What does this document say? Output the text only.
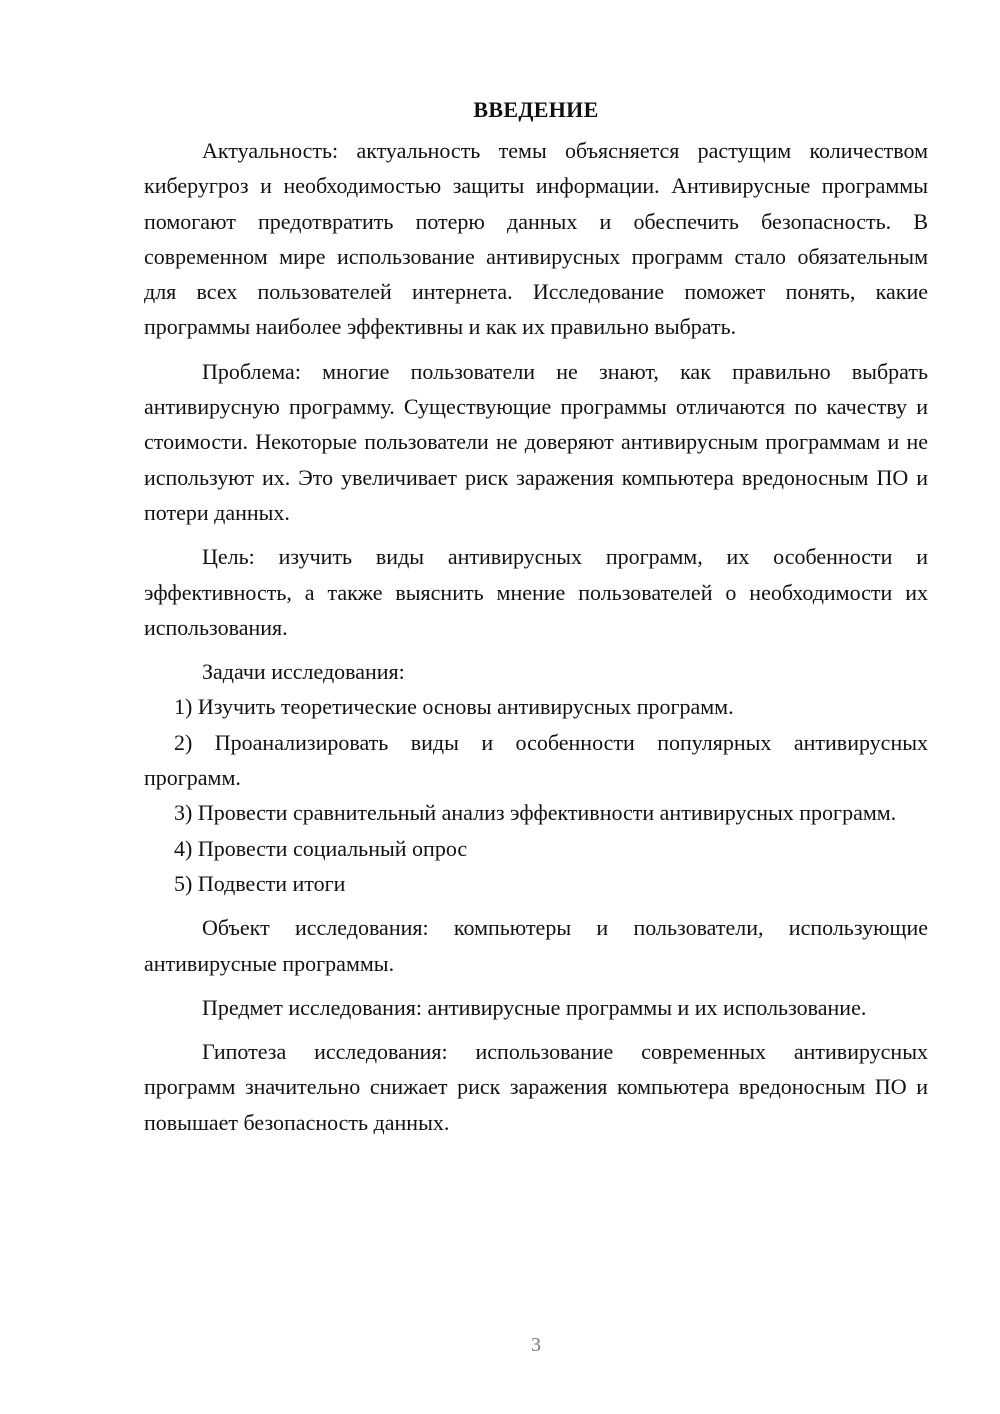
ВВЕДЕНИЕ

Актуальность: актуальность темы объясняется растущим количеством киберугроз и необходимостью защиты информации. Антивирусные программы помогают предотвратить потерю данных и обеспечить безопасность. В современном мире использование антивирусных программ стало обязательным для всех пользователей интернета. Исследование поможет понять, какие программы наиболее эффективны и как их правильно выбрать.

Проблема: многие пользователи не знают, как правильно выбрать антивирусную программу. Существующие программы отличаются по качеству и стоимости. Некоторые пользователи не доверяют антивирусным программам и не используют их. Это увеличивает риск заражения компьютера вредоносным ПО и потери данных.

Цель: изучить виды антивирусных программ, их особенности и эффективность, а также выяснить мнение пользователей о необходимости их использования.

Задачи исследования:

1) Изучить теоретические основы антивирусных программ.

2) Проанализировать виды и особенности популярных антивирусных программ.

3) Провести сравнительный анализ эффективности антивирусных программ.

4) Провести социальный опрос

5) Подвести итоги

Объект исследования: компьютеры и пользователи, использующие антивирусные программы.

Предмет исследования: антивирусные программы и их использование.

Гипотеза исследования: использование современных антивирусных программ значительно снижает риск заражения компьютера вредоносным ПО и повышает безопасность данных.

3
